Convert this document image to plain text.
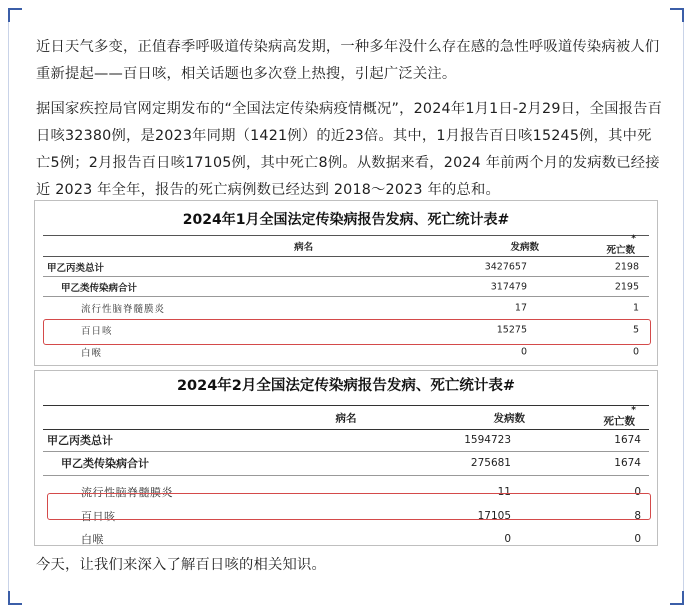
近日天气多变，正值春季呼吸道传染病高发期，一种多年没什么存在感的急性呼吸道传染病被人们重新提起——百日咳，相关话题也多次登上热搜，引起广泛关注。

据国家疾控局官网定期发布的“全国法定传染病疫情概况”，2024年1月1日-2月29日，全国报告百日咳32380例，是2023年同期（1421例）的近23倍。其中，1月报告百日咳15245例，其中死亡5例；2月报告百日咳17105例，其中死亡8例。从数据来看，2024 年前两个月的发病数已经接近 2023 年全年，报告的死亡病例数已经达到 2018～2023 年的总和。

2024年1月全国法定传染病报告发病、死亡统计表#
病名	发病数	死亡数
*
甲乙丙类总计	3427657	2198
甲乙类传染病合计	317479	2195
流行性脑脊髓膜炎	17	1
百日咳	15275	5
白喉	0	0
2024年2月全国法定传染病报告发病、死亡统计表#
病名	发病数	死亡数
*
甲乙丙类总计	1594723	1674
甲乙类传染病合计	275681	1674
流行性脑脊髓膜炎	11	0
百日咳	17105	8
白喉	0	0

今天，让我们来深入了解百日咳的相关知识。
